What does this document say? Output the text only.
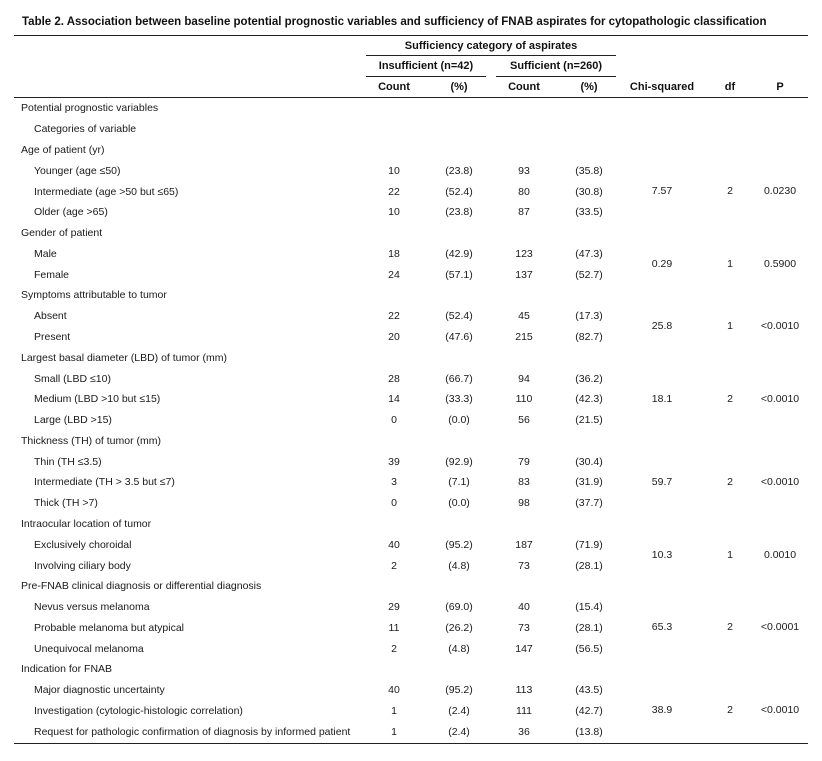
Table 2. Association between baseline potential prognostic variables and sufficiency of FNAB aspirates for cytopathologic classification
Sufficiency category of aspirates
Insufficient (n=42)	Sufficient (n=260)
Count	(%)	Count	(%)	Chi-squared	df	P
Potential prognostic variables
Categories of variable
Age of patient (yr)
Younger (age ≤50)	10	(23.8)	93	(35.8)
Intermediate (age >50 but ≤65)	22	(52.4)	80	(30.8)
Older (age >65)	10	(23.8)	87	(33.5)
7.57	2	0.0230
Gender of patient
Male	18	(42.9)	123	(47.3)
Female	24	(57.1)	137	(52.7)
0.29	1	0.5900
Symptoms attributable to tumor
Absent	22	(52.4)	45	(17.3)
Present	20	(47.6)	215	(82.7)
25.8	1	<0.0010
Largest basal diameter (LBD) of tumor (mm)
Small (LBD ≤10)	28	(66.7)	94	(36.2)
Medium (LBD >10 but ≤15)	14	(33.3)	110	(42.3)
Large (LBD >15)	0	(0.0)	56	(21.5)
18.1	2	<0.0010
Thickness (TH) of tumor (mm)
Thin (TH ≤3.5)	39	(92.9)	79	(30.4)
Intermediate (TH > 3.5 but ≤7)	3	(7.1)	83	(31.9)
Thick (TH >7)	0	(0.0)	98	(37.7)
59.7	2	<0.0010
Intraocular location of tumor
Exclusively choroidal	40	(95.2)	187	(71.9)
Involving ciliary body	2	(4.8)	73	(28.1)
10.3	1	0.0010
Pre-FNAB clinical diagnosis or differential diagnosis
Nevus versus melanoma	29	(69.0)	40	(15.4)
Probable melanoma but atypical	11	(26.2)	73	(28.1)
Unequivocal melanoma	2	(4.8)	147	(56.5)
65.3	2	<0.0001
Indication for FNAB
Major diagnostic uncertainty	40	(95.2)	113	(43.5)
Investigation (cytologic-histologic correlation)	1	(2.4)	111	(42.7)
Request for pathologic confirmation of diagnosis by informed patient	1	(2.4)	36	(13.8)
38.9	2	<0.0010
